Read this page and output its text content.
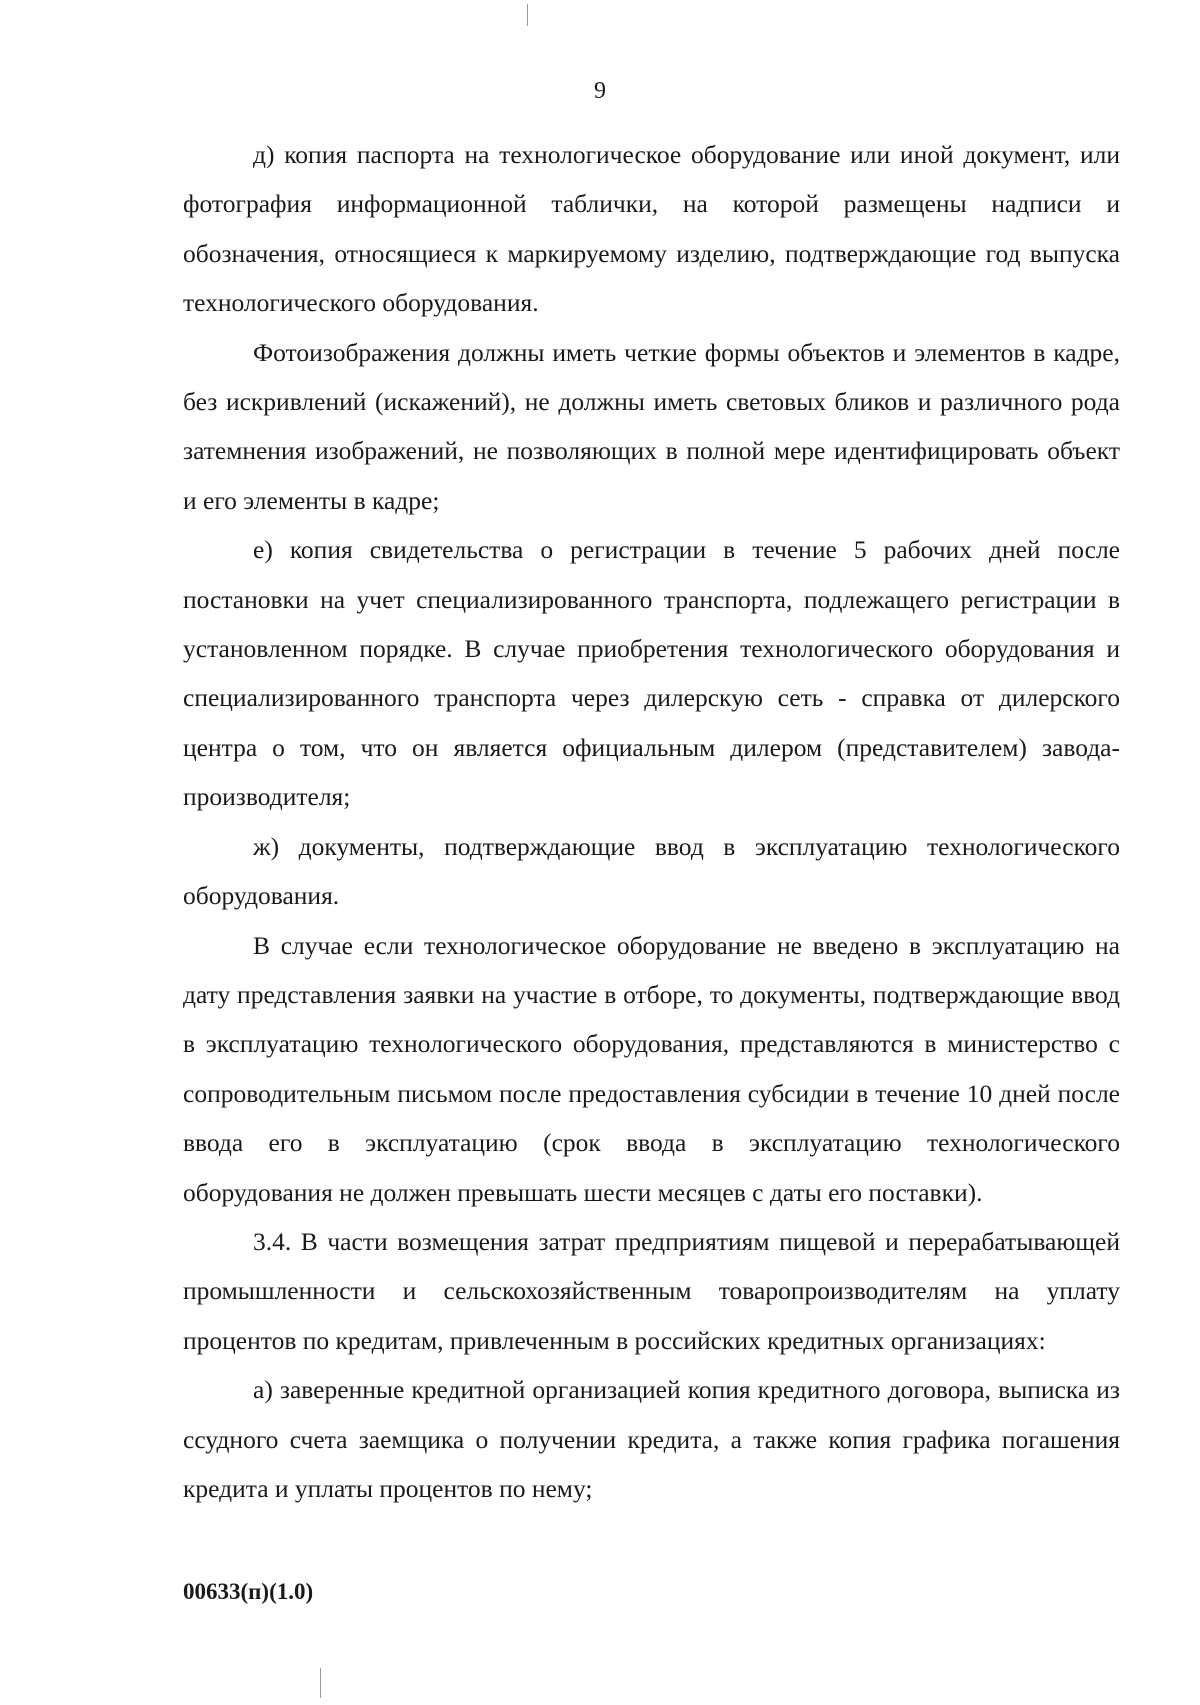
9

д) копия паспорта на технологическое оборудование или иной документ, или фотография информационной таблички, на которой размещены надписи и обозначения, относящиеся к маркируемому изделию, подтверждающие год выпуска технологического оборудования.

Фотоизображения должны иметь четкие формы объектов и элементов в кадре, без искривлений (искажений), не должны иметь световых бликов и различного рода затемнения изображений, не позволяющих в полной мере идентифицировать объект и его элементы в кадре;

е) копия свидетельства о регистрации в течение 5 рабочих дней после постановки на учет специализированного транспорта, подлежащего регистрации в установленном порядке. В случае приобретения технологического оборудования и специализированного транспорта через дилерскую сеть - справка от дилерского центра о том, что он является официальным дилером (представителем) завода-производителя;

ж) документы, подтверждающие ввод в эксплуатацию технологического оборудования.

В случае если технологическое оборудование не введено в эксплуатацию на дату представления заявки на участие в отборе, то документы, подтверждающие ввод в эксплуатацию технологического оборудования, представляются в министерство с сопроводительным письмом после предоставления субсидии в течение 10 дней после ввода его в эксплуатацию (срок ввода в эксплуатацию технологического оборудования не должен превышать шести месяцев с даты его поставки).

3.4. В части возмещения затрат предприятиям пищевой и перерабатывающей промышленности и сельскохозяйственным товаропроизводителям на уплату процентов по кредитам, привлеченным в российских кредитных организациях:

а) заверенные кредитной организацией копия кредитного договора, выписка из ссудного счета заемщика о получении кредита, а также копия графика погашения кредита и уплаты процентов по нему;

00633(п)(1.0)
